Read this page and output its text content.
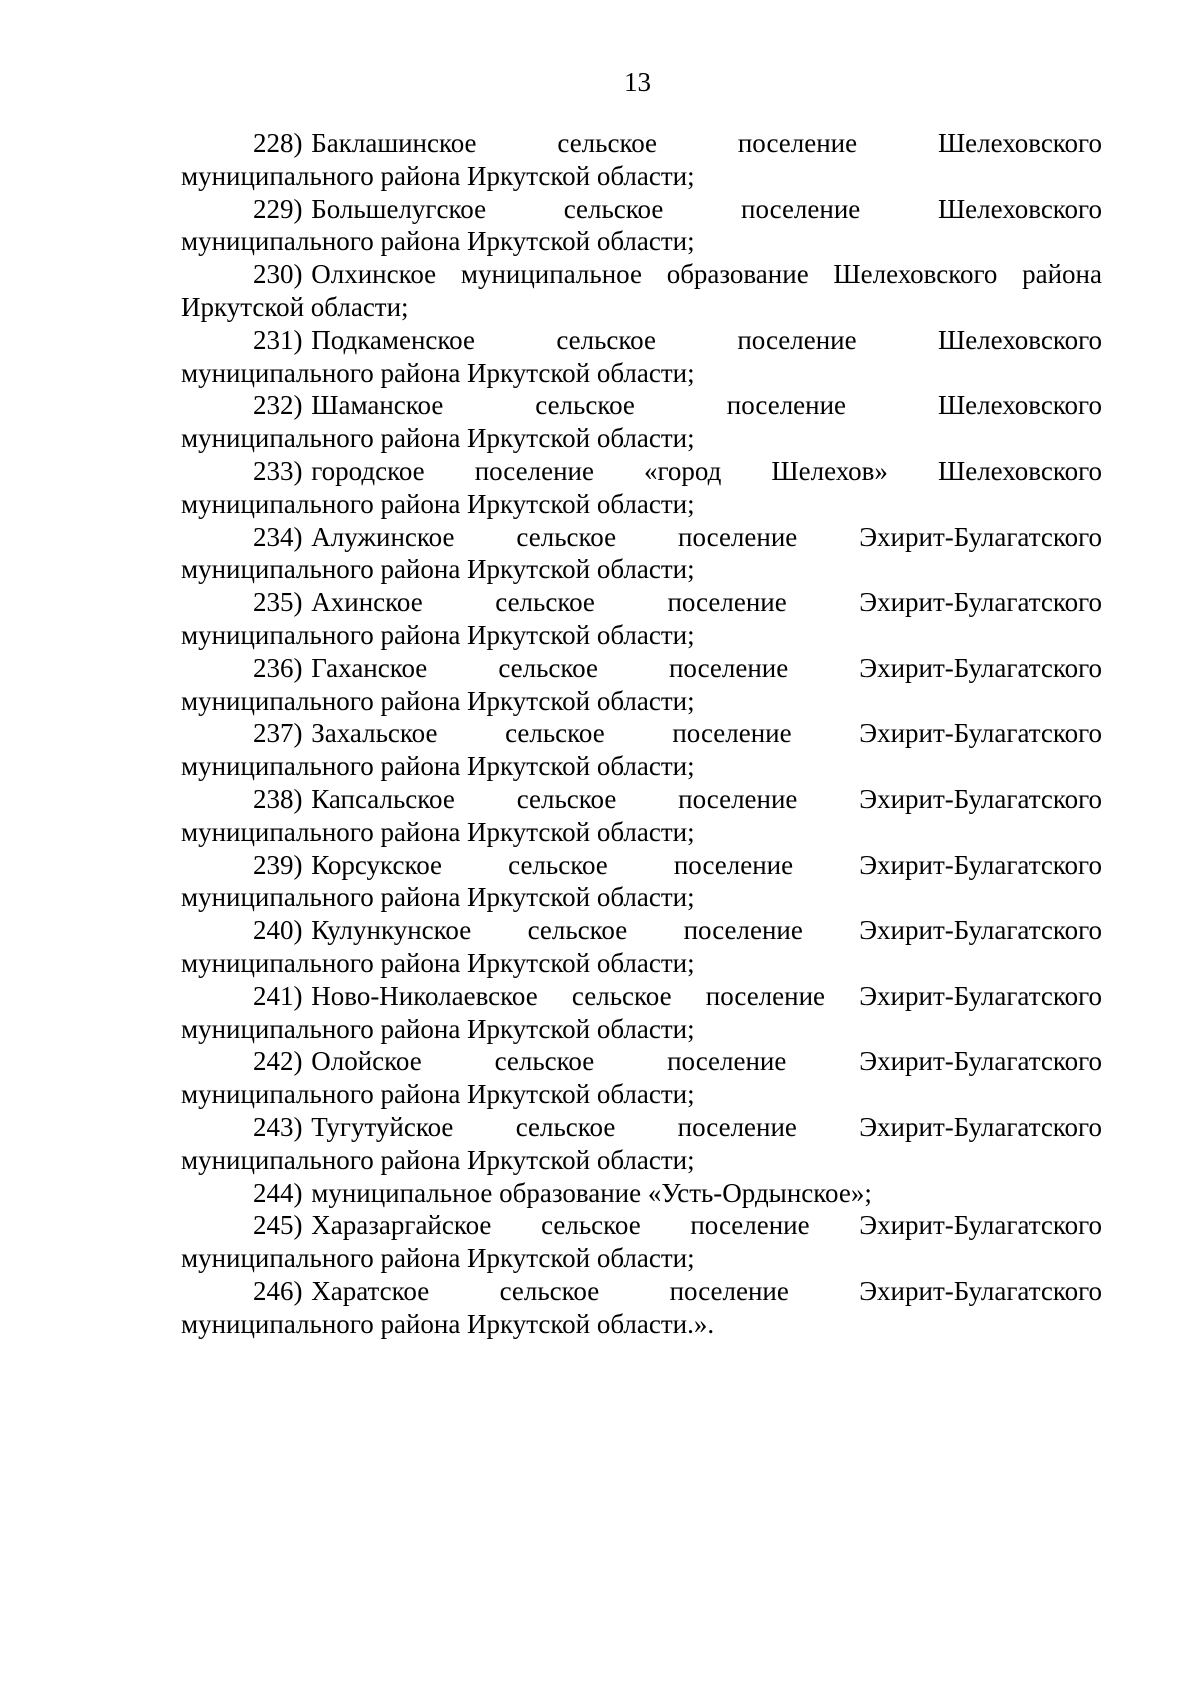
13
228) Баклашинское	сельское	поселение	Шелеховского
муниципального района Иркутской области;
229) Большелугское	сельское	поселение	Шелеховского
муниципального района Иркутской области;
230) Олхинское муниципальное образование Шелеховского района
Иркутской области;
231) Подкаменское	сельское	поселение	Шелеховского
муниципального района Иркутской области;
232) Шаманское	сельское	поселение	Шелеховского
муниципального района Иркутской области;
233) городское поселение «город Шелехов» Шелеховского
муниципального района Иркутской области;
234) Алужинское сельское поселение Эхирит-Булагатского
муниципального района Иркутской области;
235) Ахинское	сельское	поселение	Эхирит-Булагатского
муниципального района Иркутской области;
236) Гаханское	сельское	поселение	Эхирит-Булагатского
муниципального района Иркутской области;
237) Захальское	сельское	поселение	Эхирит-Булагатского
муниципального района Иркутской области;
238) Капсальское сельское поселение Эхирит-Булагатского
муниципального района Иркутской области;
239) Корсукское сельское поселение Эхирит-Булагатского
муниципального района Иркутской области;
240) Кулункунское сельское поселение Эхирит-Булагатского
муниципального района Иркутской области;
241) Ново-Николаевское сельское поселение Эхирит-Булагатского
муниципального района Иркутской области;
242) Олойское	сельское	поселение	Эхирит-Булагатского
муниципального района Иркутской области;
243) Тугутуйское сельское поселение Эхирит-Булагатского
муниципального района Иркутской области;
244) муниципальное образование «Усть-Ордынское»;
245) Харазаргайское сельское поселение Эхирит-Булагатского
муниципального района Иркутской области;
246) Харатское	сельское	поселение	Эхирит-Булагатского
муниципального района Иркутской области.».
